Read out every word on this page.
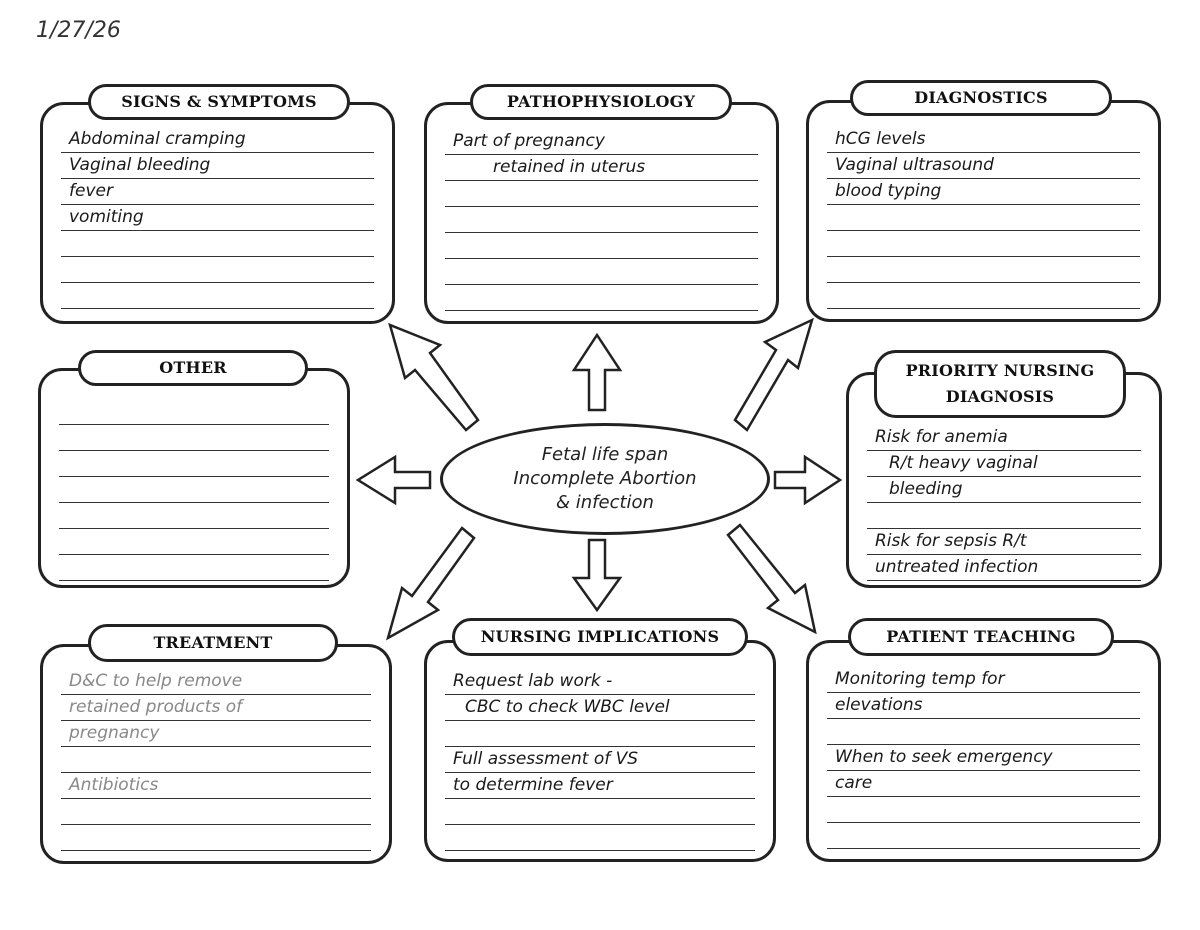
1/27/26
Abdominal cramping
Vaginal bleeding
fever
vomiting
SIGNS & SYMPTOMS
Part of pregnancy
retained in uterus
PATHOPHYSIOLOGY
hCG levels
Vaginal ultrasound
blood typing
DIAGNOSTICS
OTHER
Risk for anemia
R/t heavy vaginal
bleeding
Risk for sepsis R/t
untreated infection
PRIORITY NURSING
DIAGNOSIS
D&C to help remove
retained products of
pregnancy
Antibiotics
TREATMENT
Request lab work -
CBC to check WBC level
Full assessment of VS
to determine fever
NURSING IMPLICATIONS
Monitoring temp for
elevations
When to seek emergency
care
PATIENT TEACHING
Fetal life span
Incomplete Abortion
& infection
